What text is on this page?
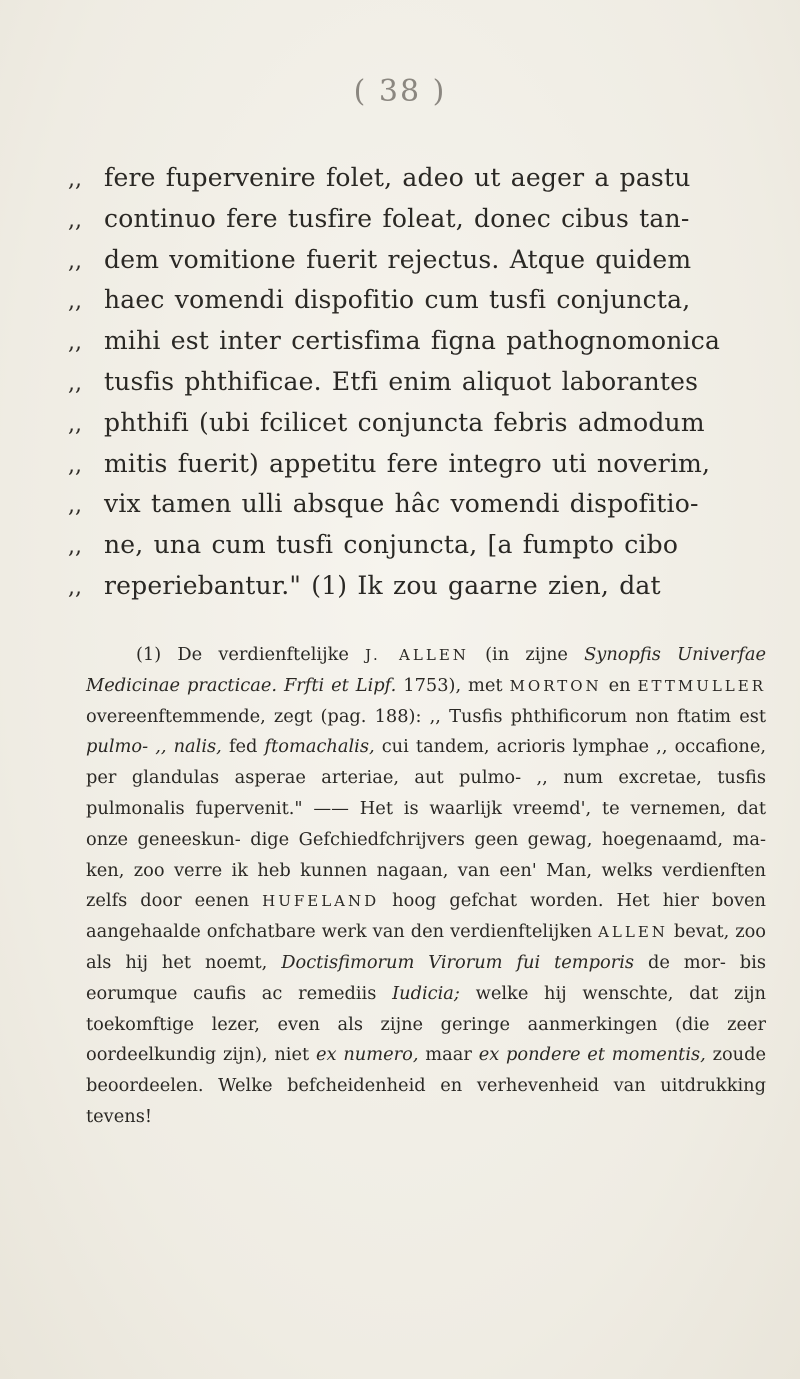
( 38 )
,, fere fupervenire folet, adeo ut aeger a pastu
,, continuo fere tusfire foleat, donec cibus tan-
,, dem vomitione fuerit rejectus. Atque quidem
,, haec vomendi dispofitio cum tusfi conjuncta,
,, mihi est inter certisfima figna pathognomonica
,, tusfis phthificae. Etfi enim aliquot laborantes
,, phthifi (ubi fcilicet conjuncta febris admodum
,, mitis fuerit) appetitu fere integro uti noverim,
,, vix tamen ulli absque hâc vomendi dispofitio-
,, ne, una cum tusfi conjuncta, [a fumpto cibo
,, reperiebantur." (1) Ik zou gaarne zien, dat

(1) De verdienftelijke J. ALLEN (in zijne Synopfis Univerfae Medicinae practicae. Frfti et Lipf. 1753), met MORTON en ETTMULLER overeenftemmende, zegt (pag. 188): ,, Tusfis phthificorum non ftatim est pulmo- ,, nalis, fed ftomachalis, cui tandem, acrioris lymphae ,, occafione, per glandulas asperae arteriae, aut pulmo- ,, num excretae, tusfis pulmonalis fupervenit." —— Het is waarlijk vreemd', te vernemen, dat onze geneeskun- dige Gefchiedfchrijvers geen gewag, hoegenaamd, ma- ken, zoo verre ik heb kunnen nagaan, van een' Man, welks verdienften zelfs door eenen HUFELAND hoog gefchat worden. Het hier boven aangehaalde onfchatbare werk van den verdienftelijken ALLEN bevat, zoo als hij het noemt, Doctisfimorum Virorum fui temporis de mor- bis eorumque caufis ac remediis Iudicia; welke hij wenschte, dat zijn toekomftige lezer, even als zijne geringe aanmerkingen (die zeer oordeelkundig zijn), niet ex numero, maar ex pondere et momentis, zoude beoordeelen. Welke befcheidenheid en verhevenheid van uitdrukking tevens!
